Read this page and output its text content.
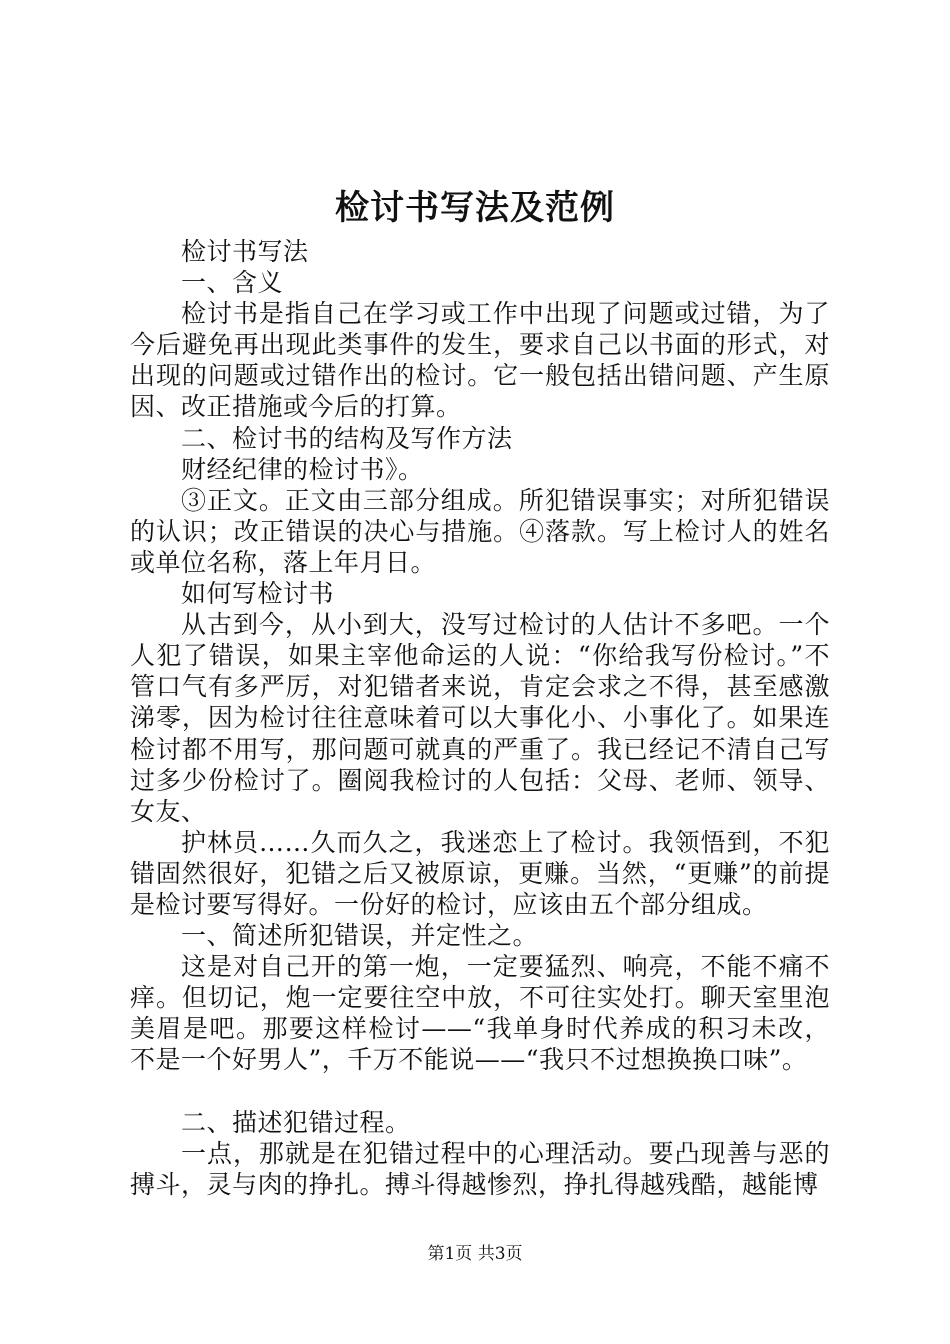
检讨书写法及范例

检讨书写法

一、含义

检讨书是指自己在学习或工作中出现了问题或过错，为了今后避免再出现此类事件的发生，要求自己以书面的形式，对出现的问题或过错作出的检讨。它一般包括出错问题、产生原因、改正措施或今后的打算。

二、检讨书的结构及写作方法

财经纪律的检讨书》。

③正文。正文由三部分组成。所犯错误事实；对所犯错误的认识；改正错误的决心与措施。④落款。写上检讨人的姓名或单位名称，落上年月日。

如何写检讨书

从古到今，从小到大，没写过检讨的人估计不多吧。一个人犯了错误，如果主宰他命运的人说：“你给我写份检讨。”不管口气有多严厉，对犯错者来说，肯定会求之不得，甚至感激涕零，因为检讨往往意味着可以大事化小、小事化了。如果连检讨都不用写，那问题可就真的严重了。我已经记不清自己写过多少份检讨了。圈阅我检讨的人包括：父母、老师、领导、女友、

护林员……久而久之，我迷恋上了检讨。我领悟到，不犯错固然很好，犯错之后又被原谅，更赚。当然，“更赚”的前提是检讨要写得好。一份好的检讨，应该由五个部分组成。

一、简述所犯错误，并定性之。

这是对自己开的第一炮，一定要猛烈、响亮，不能不痛不痒。但切记，炮一定要往空中放，不可往实处打。聊天室里泡美眉是吧。那要这样检讨——“我单身时代养成的积习未改，不是一个好男人”，千万不能说——“我只不过想换换口味”。

二、描述犯错过程。

一点，那就是在犯错过程中的心理活动。要凸现善与恶的搏斗，灵与肉的挣扎。搏斗得越惨烈，挣扎得越残酷，越能博

第1页 共3页
